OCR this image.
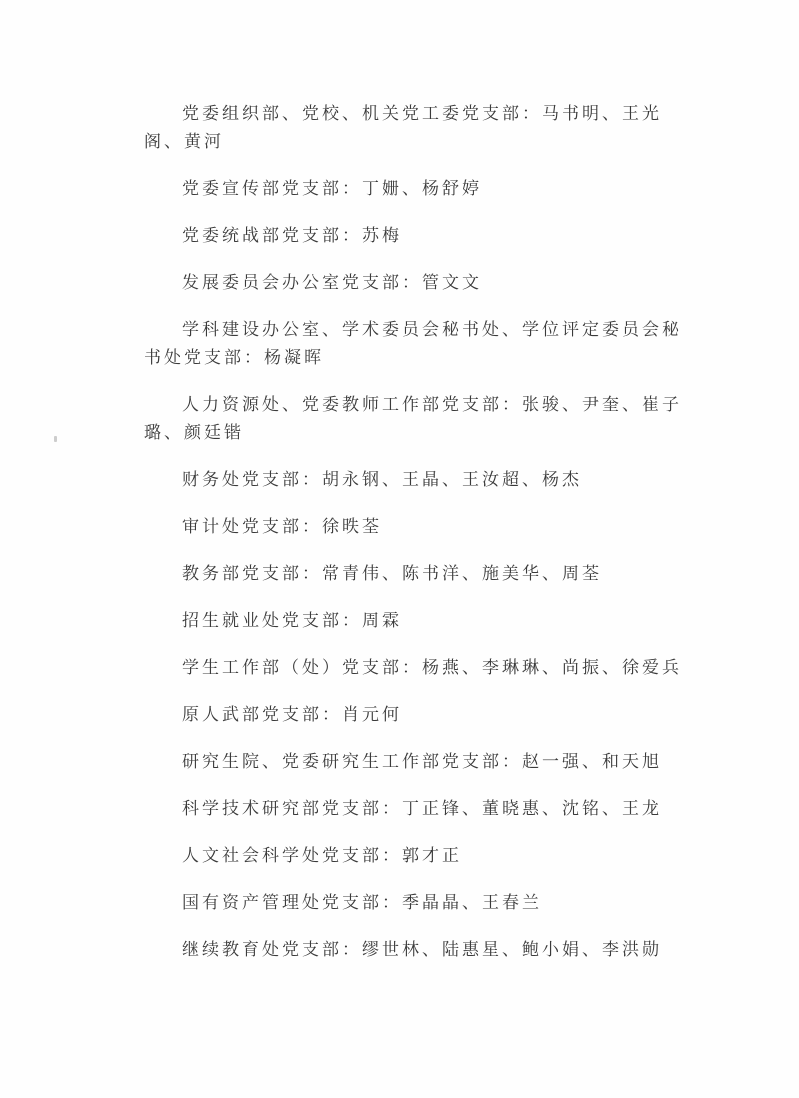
党委组织部、党校、机关党工委党支部：马书明、王光阁、黄河

党委宣传部党支部：丁姗、杨舒婷

党委统战部党支部：苏梅

发展委员会办公室党支部：管文文

学科建设办公室、学术委员会秘书处、学位评定委员会秘书处党支部：杨凝晖

人力资源处、党委教师工作部党支部：张骏、尹奎、崔子璐、颜廷锴

财务处党支部：胡永钢、王晶、王汝超、杨杰

审计处党支部：徐昳荃

教务部党支部：常青伟、陈书洋、施美华、周荃

招生就业处党支部：周霖

学生工作部（处）党支部：杨燕、李琳琳、尚振、徐爱兵

原人武部党支部：肖元何

研究生院、党委研究生工作部党支部：赵一强、和天旭

科学技术研究部党支部：丁正锋、董晓惠、沈铭、王龙

人文社会科学处党支部：郭才正

国有资产管理处党支部：季晶晶、王春兰

继续教育处党支部：缪世林、陆惠星、鲍小娟、李洪勋
